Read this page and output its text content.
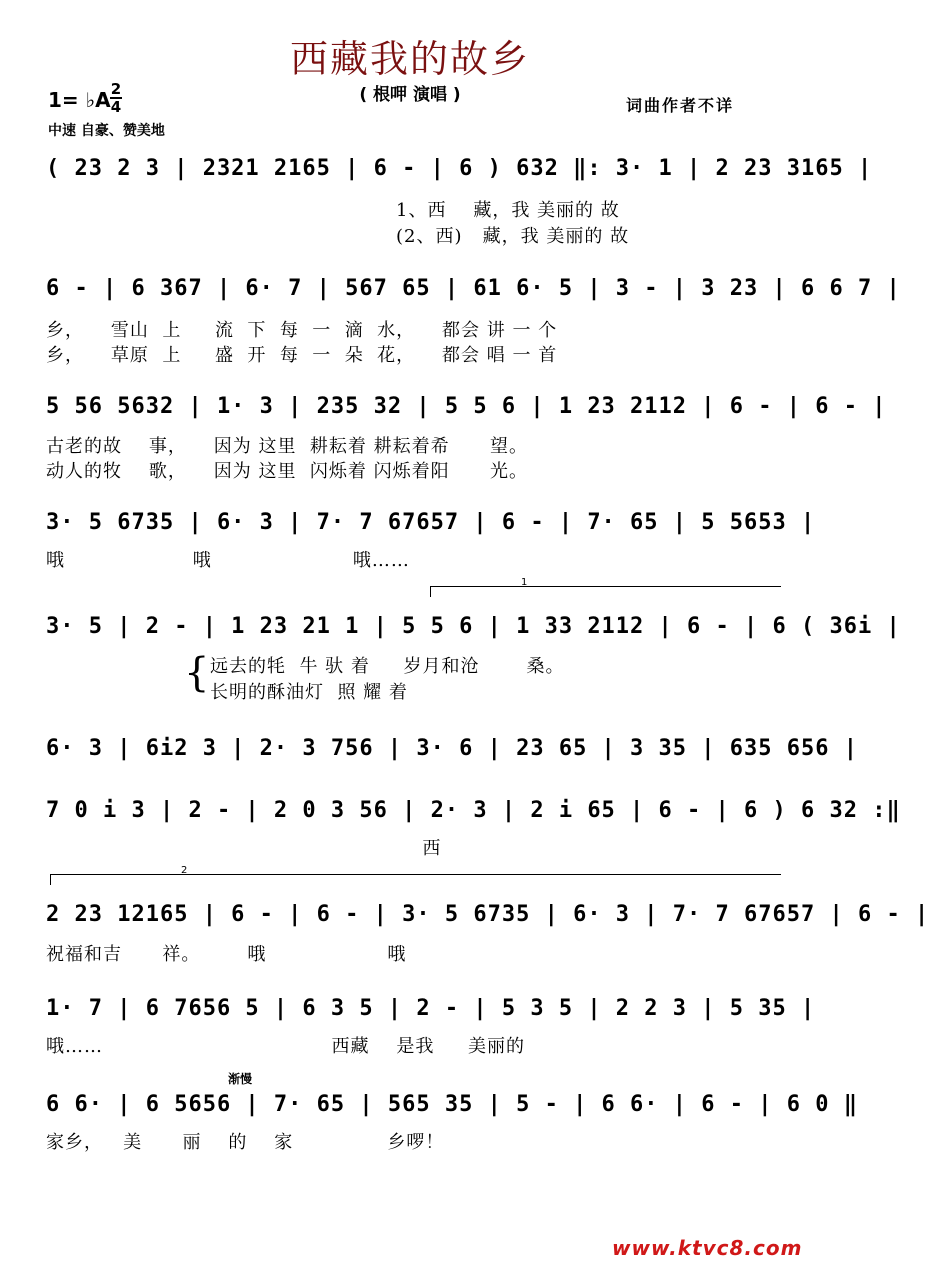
西藏我的故乡
( 根呷 演唱 )
1= ♭A 2
4
中速 自豪、赞美地
词曲作者不详
( 23 2 3 | 2321 2165 | 6 - | 6 ) 632 ‖: 3· 1 | 2 23 3165 |
1、西    藏，我 美丽的 故
(2、西)   藏，我 美丽的 故
6 - | 6 367 | 6· 7 | 567 65 | 61 6· 5 | 3 - | 3 23 | 6 6 7 |
乡，    雪山  上     流  下  每  一  滴  水，    都会 讲 一 个
乡，    草原  上     盛  开  每  一  朵  花，    都会 唱 一 首
5 56 5632 | 1· 3 | 235 32 | 5 5 6 | 1 23 2112 | 6 - | 6 - |
古老的故    事，    因为 这里  耕耘着 耕耘着希      望。
动人的牧    歌，    因为 这里  闪烁着 闪烁着阳      光。
3· 5 6735 | 6· 3 | 7· 7 67657 | 6 - | 7· 65 | 5 5653 |
哦                   哦                     哦……
1
3· 5 | 2 - | 1 23 21 1 | 5 5 6 | 1 33 2112 | 6 - | 6 ( 36i |
{ 远去的牦  牛 驮 着     岁月和沧       桑。
长明的酥油灯  照 耀 着
6· 3 | 6i2 3 | 2· 3 756 | 3· 6 | 23 65 | 3 35 | 635 656 |
7 0 i 3 | 2 - | 2 0 3 56 | 2· 3 | 2 i 65 | 6 - | 6 ) 6 32 :‖
西
2
2 23 12165 | 6 - | 6 - | 3· 5 6735 | 6· 3 | 7· 7 67657 | 6 - |
祝福和吉      祥。       哦                  哦
1· 7 | 6 7656 5 | 6 3 5 | 2 - | 5 3 5 | 2 2 3 | 5 35 |
哦……                                  西藏    是我     美丽的
渐慢
6 6· | 6 5656 | 7· 65 | 565 35 | 5 - | 6 6· | 6 - | 6 0 ‖
家乡，   美      丽    的    家              乡啰！
www.ktvc8.com
